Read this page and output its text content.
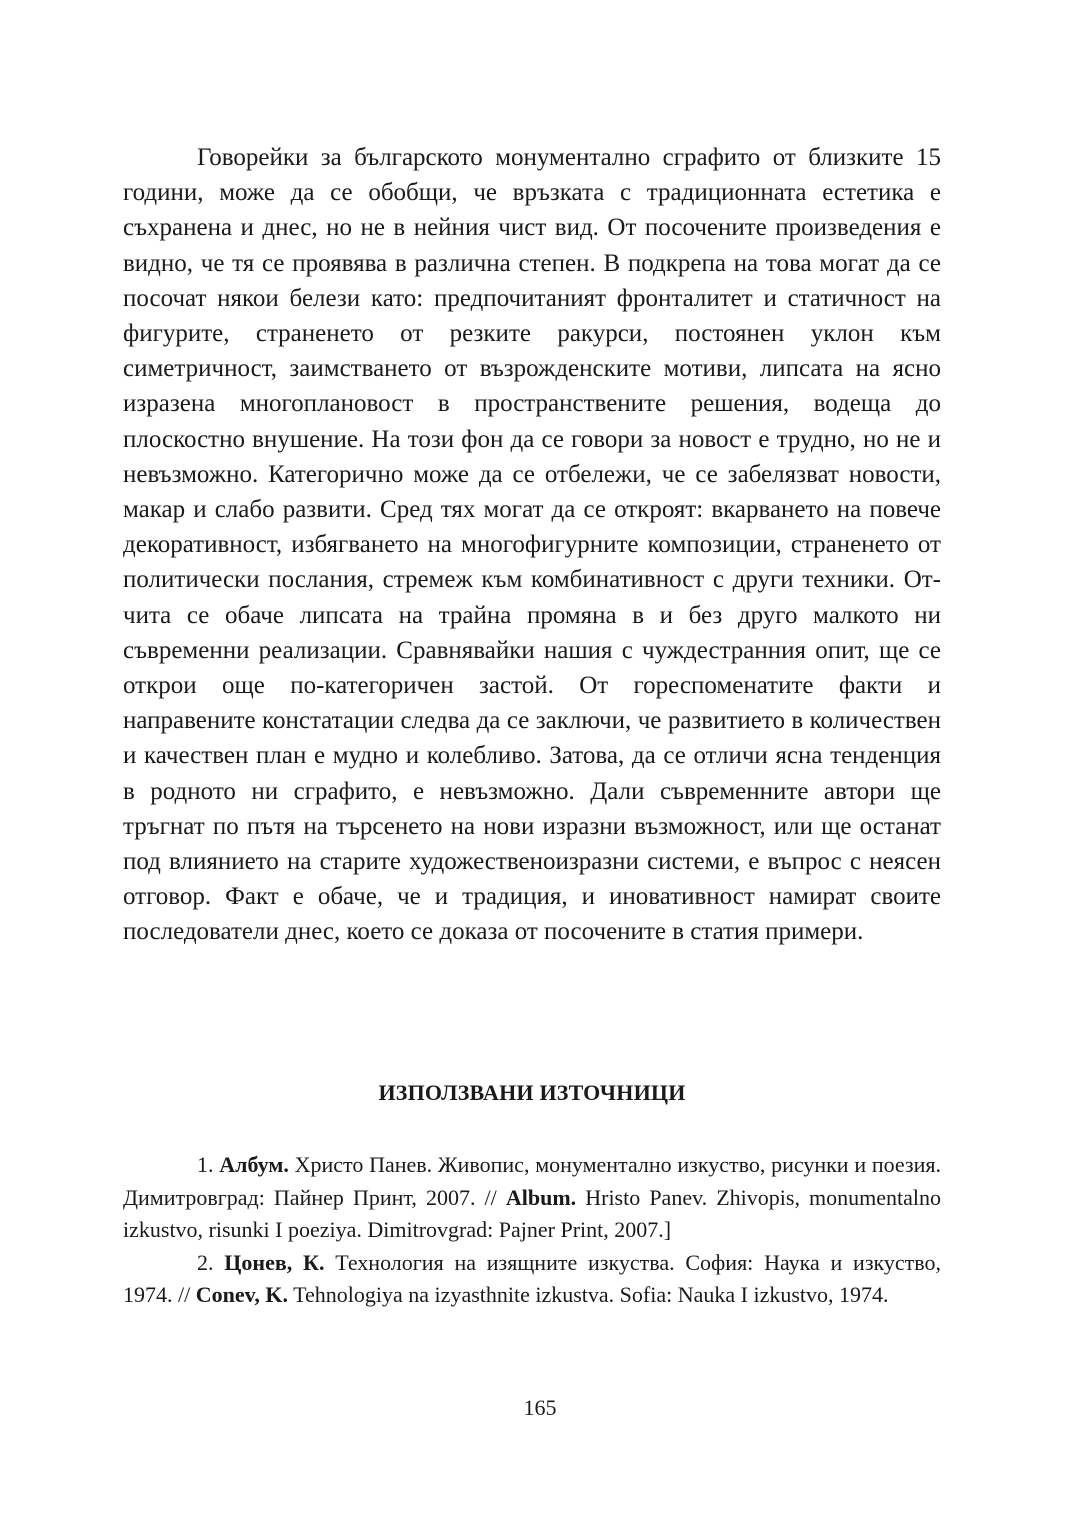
Говорейки за българското монументално сграфито от близките 15 години, може да се обобщи, че връзката с традиционната естетика е съхранена и днес, но не в нейния чист вид. От посочените произведения е видно, че тя се проявява в различна степен. В подкрепа на това могат да се посочат някои белези като: предпочитаният фронталитет и статичност на фигурите, страненето от резките ракурси, постоянен уклон към симетричност, заимстването от възрожденските мотиви, липсата на ясно изразена многоплановост в пространствените решения, водеща до плоскостно внушение. На този фон да се говори за новост е трудно, но не и невъзможно. Категорично може да се отбележи, че се забелязват новости, макар и слабо развити. Сред тях могат да се откроят: вкарването на повече декоративност, избягването на многофигурните композиции, страненето от политически послания, стремеж към комбинативност с други техники. Отчита се обаче липсата на трайна промяна в и без друго малкото ни съвременни реализации. Сравнявайки нашия с чуждестранния опит, ще се открои още по-категоричен застой. От гореспоменатите факти и направените констатации следва да се заключи, че развитието в количествен и качествен план е мудно и колебливо. Затова, да се отличи ясна тенденция в родното ни сграфито, е невъзможно. Дали съвременните автори ще тръгнат по пътя на търсенето на нови изразни възможност, или ще останат под влиянието на старите художественоизразни системи, е въпрос с неясен отговор. Факт е обаче, че и традиция, и иновативност намират своите последователи днес, което се доказа от посочените в статия примери.

ИЗПОЛЗВАНИ ИЗТОЧНИЦИ

1. Албум. Христо Панев. Живопис, монументално изкуство, рисунки и поезия. Димитровград: Пайнер Принт, 2007. // Album. Hristo Panev. Zhivopis, monumentalno izkustvo, risunki I poeziya. Dimitrovgrad: Pajner Print, 2007.]

2. Цонев, К. Технология на изящните изкуства. София: Наука и изкуство, 1974. // Conev, K. Tehnologiya na izyasthnite izkustva. Sofia: Nauka I izkustvo, 1974.

165
